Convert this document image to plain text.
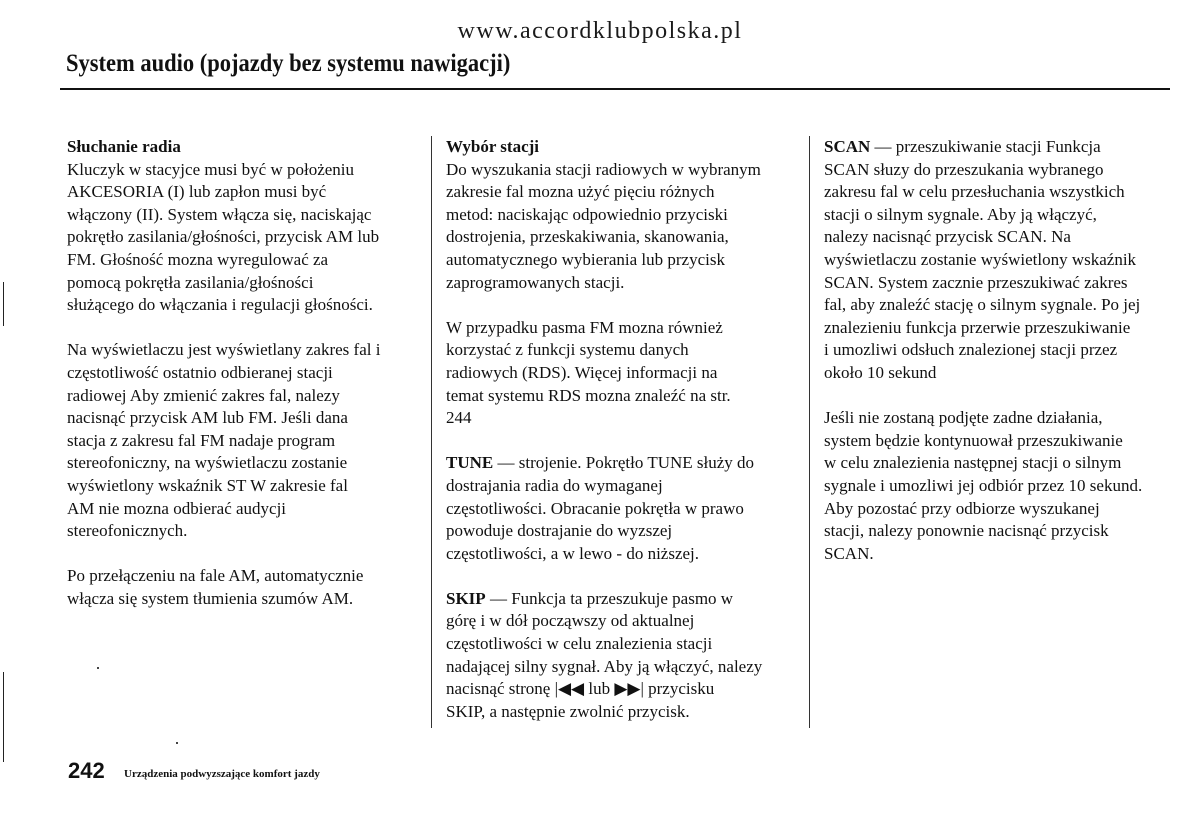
www.accordklubpolska.pl
System audio (pojazdy bez systemu nawigacji)
Słuchanie radia
Kluczyk w stacyjce musi być w położeniu
AKCESORIA (I) lub zapłon musi być
włączony (II). System włącza się, naciskając
pokrętło zasilania/głośności, przycisk AM lub
FM. Głośność mozna wyregulować za
pomocą pokrętła zasilania/głośności
służącego do włączania i regulacji głośności.
Na wyświetlaczu jest wyświetlany zakres fal i
częstotliwość ostatnio odbieranej stacji
radiowej Aby zmienić zakres fal, nalezy
nacisnąć przycisk AM lub FM. Jeśli dana
stacja z zakresu fal FM nadaje program
stereofoniczny, na wyświetlaczu zostanie
wyświetlony wskaźnik ST W zakresie fal
AM nie mozna odbierać audycji
stereofonicznych.
Po przełączeniu na fale AM, automatycznie
włącza się system tłumienia szumów AM.
Wybór stacji
Do wyszukania stacji radiowych w wybranym
zakresie fal mozna użyć pięciu różnych
metod: naciskając odpowiednio przyciski
dostrojenia, przeskakiwania, skanowania,
automatycznego wybierania lub przycisk
zaprogramowanych stacji.
W przypadku pasma FM mozna również
korzystać z funkcji systemu danych
radiowych (RDS). Więcej informacji na
temat systemu RDS mozna znaleźć na str.
244
TUNE — strojenie. Pokrętło TUNE służy do
dostrajania radia do wymaganej
częstotliwości. Obracanie pokrętła w prawo
powoduje dostrajanie do wyzszej
częstotliwości, a w lewo - do niższej.
SKIP — Funkcja ta przeszukuje pasmo w
górę i w dół począwszy od aktualnej
częstotliwości w celu znalezienia stacji
nadającej silny sygnał. Aby ją włączyć, nalezy
nacisnąć stronę |◀◀ lub ▶▶| przycisku
SKIP, a następnie zwolnić przycisk.
SCAN — przeszukiwanie stacji Funkcja
SCAN słuzy do przeszukania wybranego
zakresu fal w celu przesłuchania wszystkich
stacji o silnym sygnale. Aby ją włączyć,
nalezy nacisnąć przycisk SCAN. Na
wyświetlaczu zostanie wyświetlony wskaźnik
SCAN. System zacznie przeszukiwać zakres
fal, aby znaleźć stację o silnym sygnale. Po jej
znalezieniu funkcja przerwie przeszukiwanie
i umozliwi odsłuch znalezionej stacji przez
około 10 sekund
Jeśli nie zostaną podjęte zadne działania,
system będzie kontynuował przeszukiwanie
w celu znalezienia następnej stacji o silnym
sygnale i umozliwi jej odbiór przez 10 sekund.
Aby pozostać przy odbiorze wyszukanej
stacji, nalezy ponownie nacisnąć przycisk
SCAN.
242 Urządzenia podwyzszające komfort jazdy
